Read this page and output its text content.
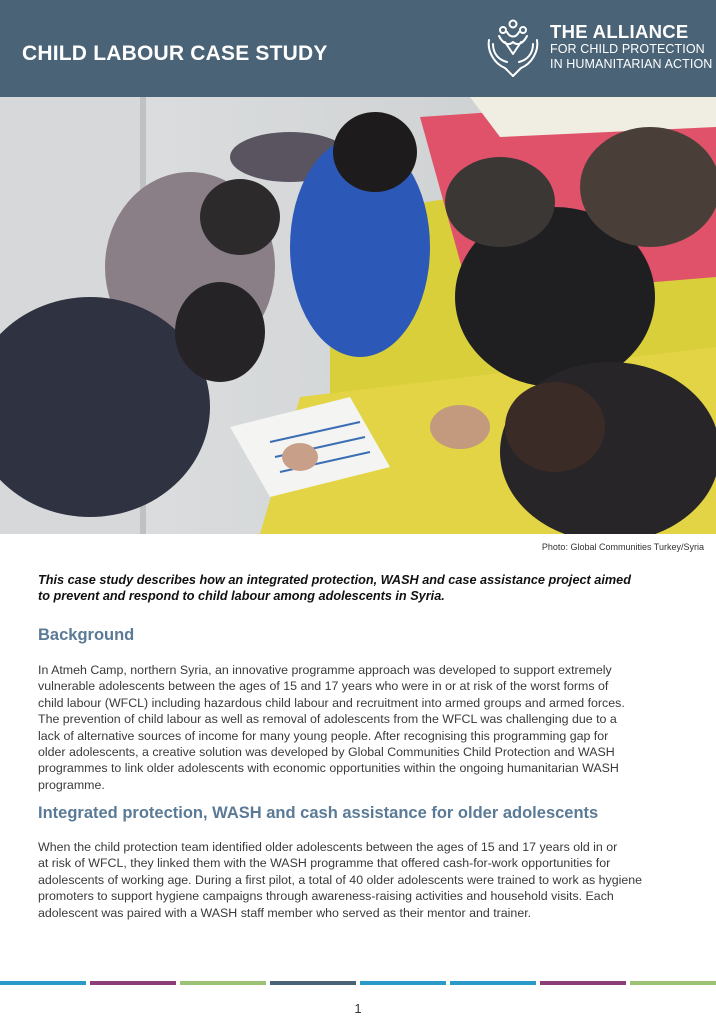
CHILD LABOUR CASE STUDY
THE ALLIANCE
FOR CHILD PROTECTION
IN HUMANITARIAN ACTION
Photo: Global Communities Turkey/Syria
This case study describes how an integrated protection, WASH and case assistance project aimed
to prevent and respond to child labour among adolescents in Syria.
Background
In Atmeh Camp, northern Syria, an innovative programme approach was developed to support extremely
vulnerable adolescents between the ages of 15 and 17 years who were in or at risk of the worst forms of
child labour (WFCL) including hazardous child labour and recruitment into armed groups and armed forces.
The prevention of child labour as well as removal of adolescents from the WFCL was challenging due to a
lack of alternative sources of income for many young people. After recognising this programming gap for
older adolescents, a creative solution was developed by Global Communities Child Protection and WASH
programmes to link older adolescents with economic opportunities within the ongoing humanitarian WASH
programme.
Integrated protection, WASH and cash assistance for older adolescents
When the child protection team identified older adolescents between the ages of 15 and 17 years old in or
at risk of WFCL, they linked them with the WASH programme that offered cash-for-work opportunities for
adolescents of working age. During a first pilot, a total of 40 older adolescents were trained to work as hygiene
promoters to support hygiene campaigns through awareness-raising activities and household visits. Each
adolescent was paired with a WASH staff member who served as their mentor and trainer.
1
